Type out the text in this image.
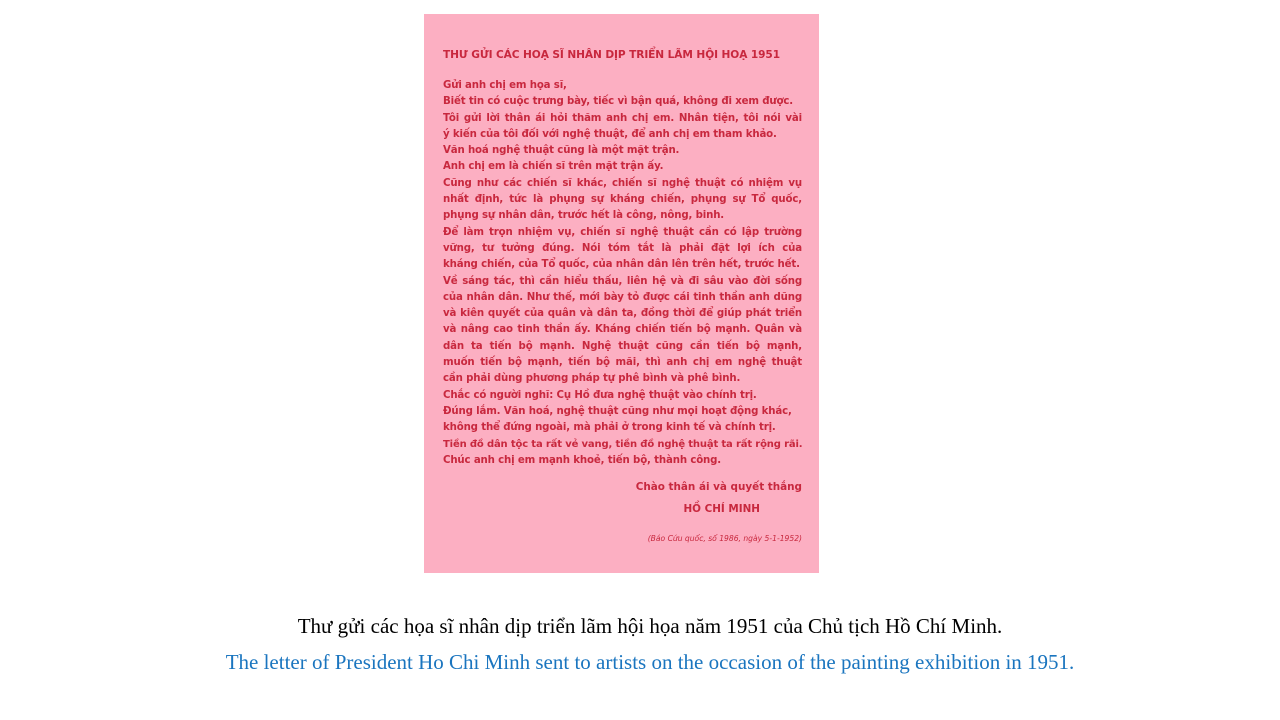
THƯ GỬI CÁC HOẠ SĨ NHÂN DỊP TRIỂN LÃM HỘI HOẠ 1951
Gửi anh chị em họa sĩ,
Biết tin có cuộc trưng bày, tiếc vì bận quá, không đi xem được.
Tôi gửi lời thân ái hỏi thăm anh chị em. Nhân tiện, tôi nói vài
ý kiến của tôi đối với nghệ thuật, để anh chị em tham khảo.
Văn hoá nghệ thuật cũng là một mặt trận.
Anh chị em là chiến sĩ trên mặt trận ấy.
Cũng như các chiến sĩ khác, chiến sĩ nghệ thuật có nhiệm vụ
nhất định, tức là phụng sự kháng chiến, phụng sự Tổ quốc,
phụng sự nhân dân, trước hết là công, nông, binh.
Để làm trọn nhiệm vụ, chiến sĩ nghệ thuật cần có lập trường
vững, tư tưởng đúng. Nói tóm tắt là phải đặt lợi ích của
kháng chiến, của Tổ quốc, của nhân dân lên trên hết, trước hết.
Về sáng tác, thì cần hiểu thấu, liên hệ và đi sâu vào đời sống
của nhân dân. Như thế, mới bày tỏ được cái tinh thần anh dũng
và kiên quyết của quân và dân ta, đồng thời để giúp phát triển
và nâng cao tinh thần ấy. Kháng chiến tiến bộ mạnh. Quân và
dân ta tiến bộ mạnh. Nghệ thuật cũng cần tiến bộ mạnh,
muốn tiến bộ mạnh, tiến bộ mãi, thì anh chị em nghệ thuật
cần phải dùng phương pháp tự phê bình và phê bình.
Chắc có người nghĩ: Cụ Hồ đưa nghệ thuật vào chính trị.
Đúng lắm. Văn hoá, nghệ thuật cũng như mọi hoạt động khác,
không thể đứng ngoài, mà phải ở trong kinh tế và chính trị.
Tiền đồ dân tộc ta rất vẻ vang, tiền đồ nghệ thuật ta rất rộng rãi.
Chúc anh chị em mạnh khoẻ, tiến bộ, thành công.
Chào thân ái và quyết thắng
HỒ CHÍ MINH
(Báo Cứu quốc, số 1986, ngày 5-1-1952)
Thư gửi các họa sĩ nhân dịp triển lãm hội họa năm 1951 của Chủ tịch Hồ Chí Minh.
The letter of President Ho Chi Minh sent to artists on the occasion of the painting exhibition in 1951.
